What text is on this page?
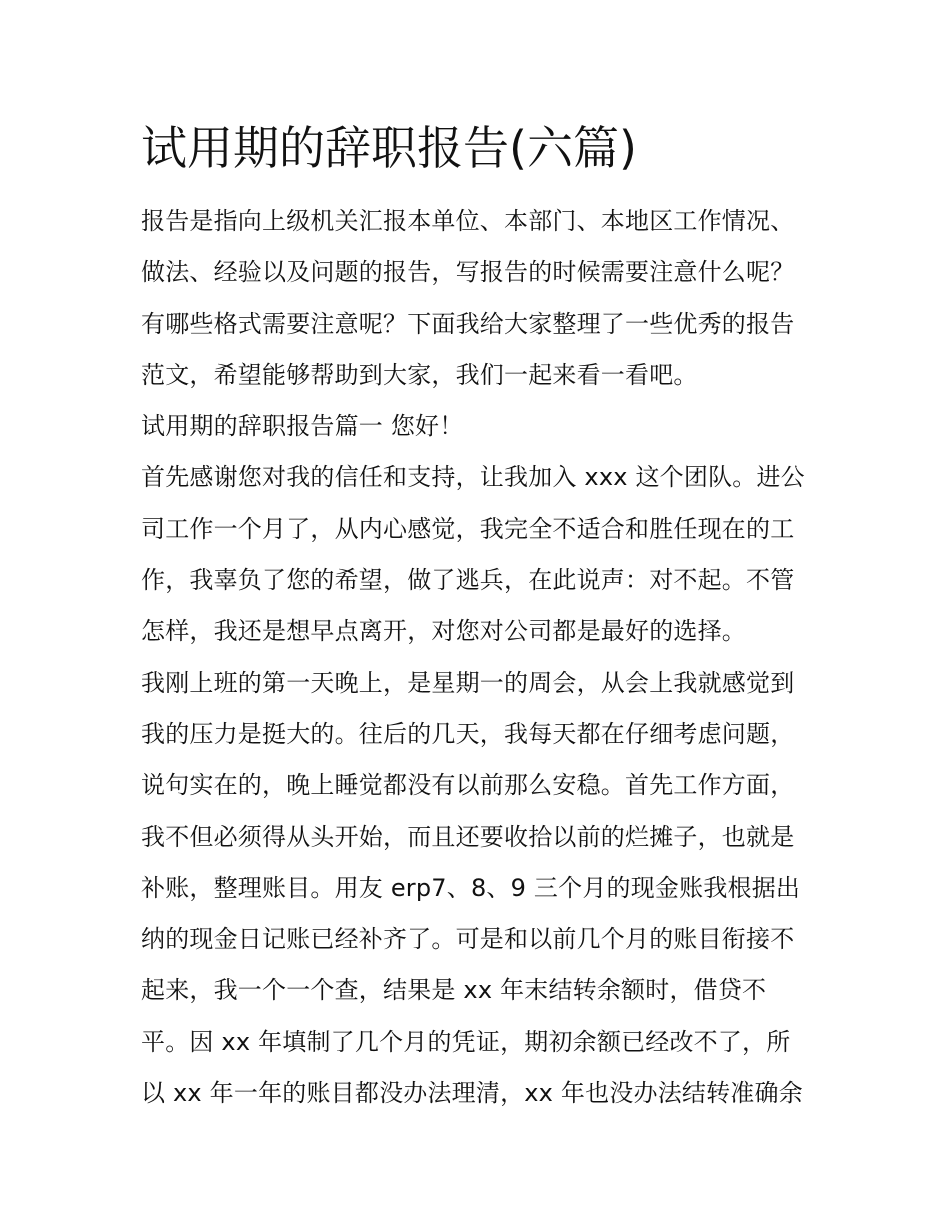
试用期的辞职报告(六篇)
报告是指向上级机关汇报本单位、本部门、本地区工作情况、
做法、经验以及问题的报告，写报告的时候需要注意什么呢？
有哪些格式需要注意呢？下面我给大家整理了一些优秀的报告
范文，希望能够帮助到大家，我们一起来看一看吧。
试用期的辞职报告篇一 您好！
首先感谢您对我的信任和支持，让我加入 xxx 这个团队。进公
司工作一个月了，从内心感觉，我完全不适合和胜任现在的工
作，我辜负了您的希望，做了逃兵，在此说声：对不起。不管
怎样，我还是想早点离开，对您对公司都是最好的选择。
我刚上班的第一天晚上，是星期一的周会，从会上我就感觉到
我的压力是挺大的。往后的几天，我每天都在仔细考虑问题，
说句实在的，晚上睡觉都没有以前那么安稳。首先工作方面，
我不但必须得从头开始，而且还要收拾以前的烂摊子，也就是
补账，整理账目。用友 erp7、8、9 三个月的现金账我根据出
纳的现金日记账已经补齐了。可是和以前几个月的账目衔接不
起来，我一个一个查，结果是 xx 年末结转余额时，借贷不
平。因 xx 年填制了几个月的凭证，期初余额已经改不了，所
以 xx 年一年的账目都没办法理清，xx 年也没办法结转准确余
